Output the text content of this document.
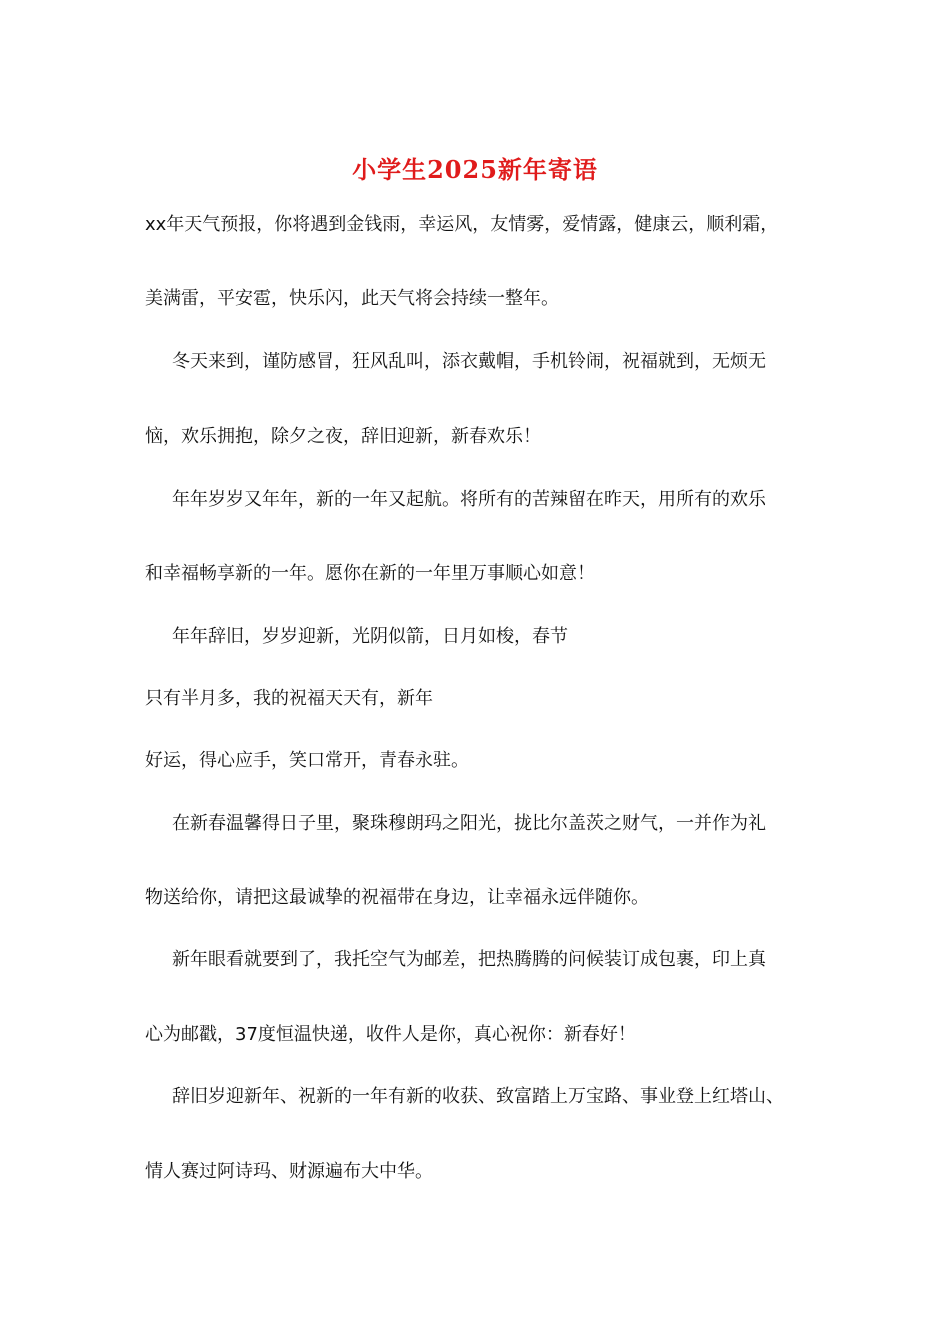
小学生2025新年寄语
xx年天气预报，你将遇到金钱雨，幸运风，友情雾，爱情露，健康云，顺利霜，
美满雷，平安雹，快乐闪，此天气将会持续一整年。
冬天来到，谨防感冒，狂风乱叫，添衣戴帽，手机铃闹，祝福就到，无烦无
恼，欢乐拥抱，除夕之夜，辞旧迎新，新春欢乐！
年年岁岁又年年，新的一年又起航。将所有的苦辣留在昨天，用所有的欢乐
和幸福畅享新的一年。愿你在新的一年里万事顺心如意！
年年辞旧，岁岁迎新，光阴似箭，日月如梭，春节
只有半月多，我的祝福天天有，新年
好运，得心应手，笑口常开，青春永驻。
在新春温馨得日子里，聚珠穆朗玛之阳光，拢比尔盖茨之财气，一并作为礼
物送给你，请把这最诚挚的祝福带在身边，让幸福永远伴随你。
新年眼看就要到了，我托空气为邮差，把热腾腾的问候装订成包裹，印上真
心为邮戳，37度恒温快递，收件人是你，真心祝你：新春好！
辞旧岁迎新年、祝新的一年有新的收获、致富踏上万宝路、事业登上红塔山、
情人赛过阿诗玛、财源遍布大中华。
